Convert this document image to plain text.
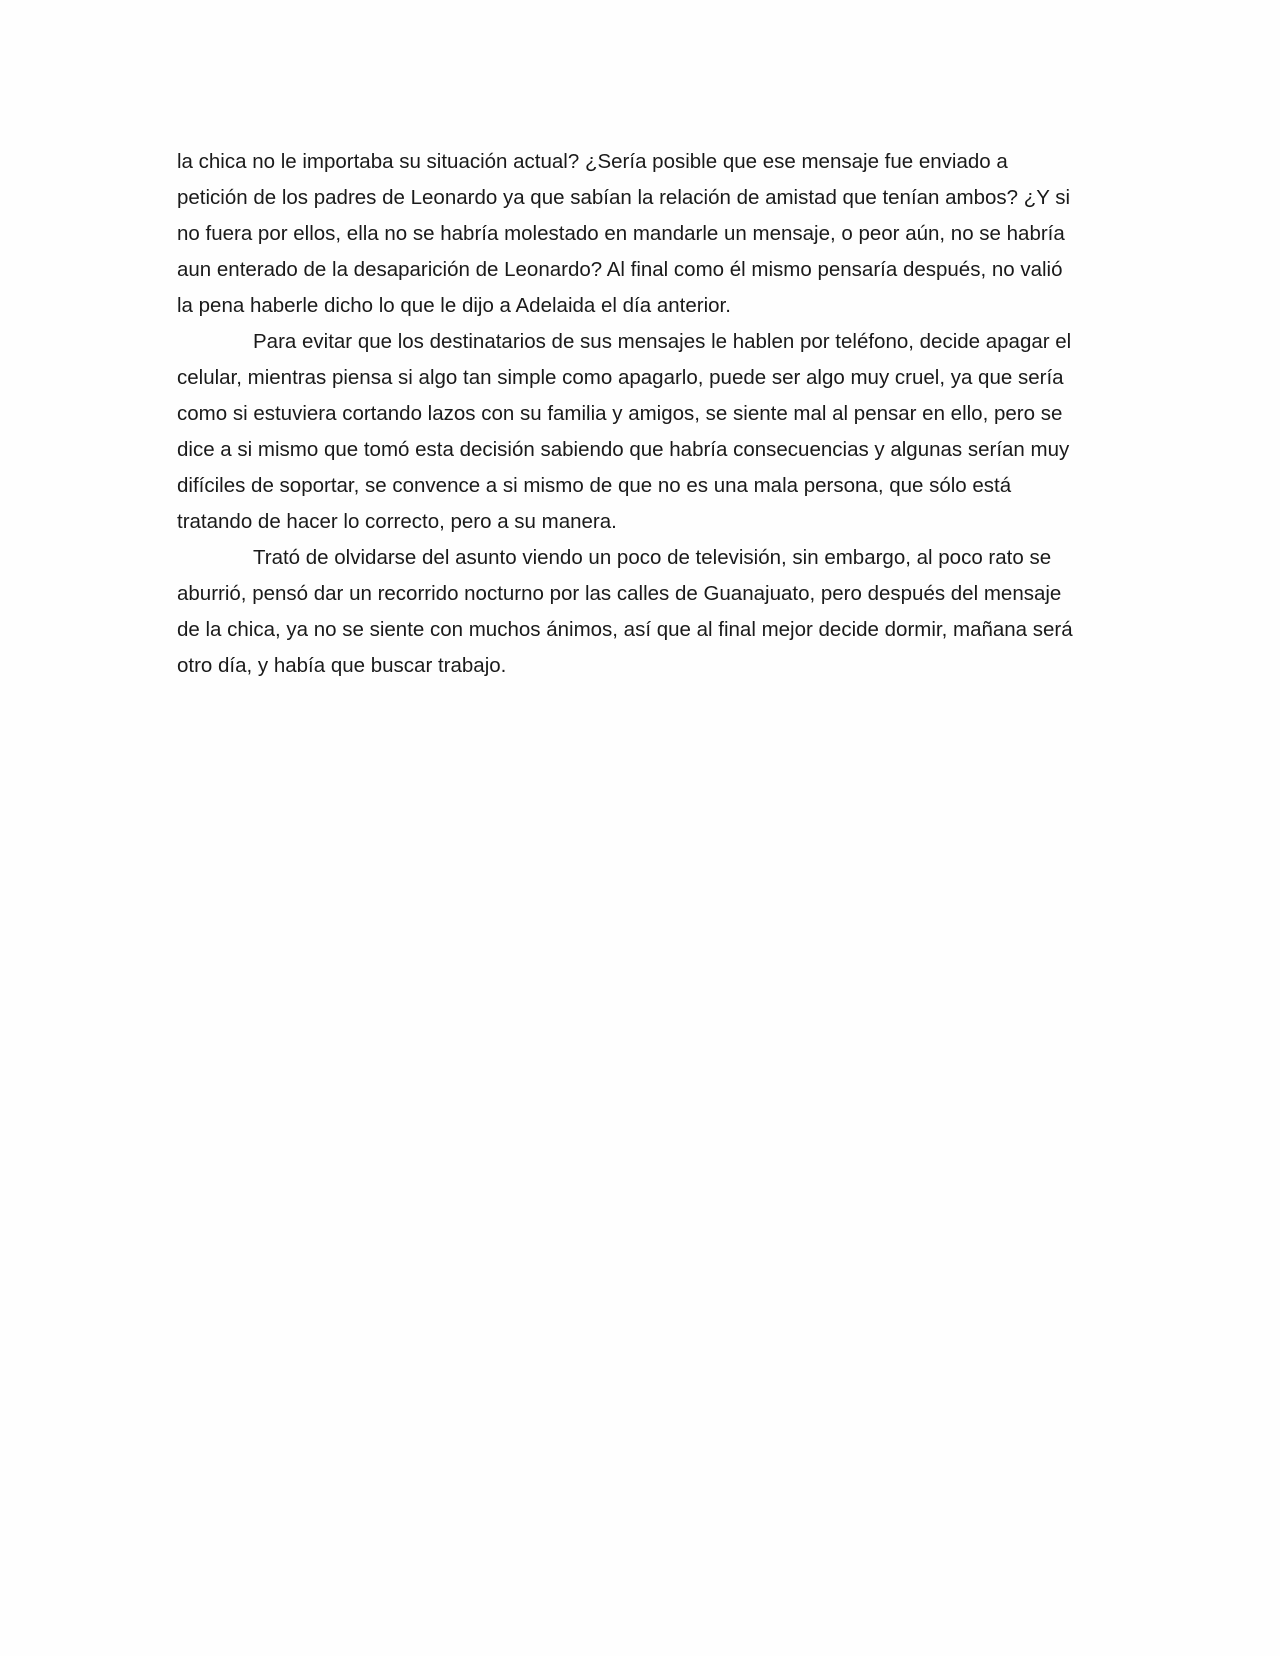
la chica no le importaba su situación actual? ¿Sería posible que ese mensaje fue enviado a
petición de los padres de Leonardo ya que sabían la relación de amistad que tenían ambos? ¿Y si
no fuera por ellos, ella no se habría molestado en mandarle un mensaje, o peor aún, no se habría
aun enterado de la desaparición de Leonardo? Al final como él mismo pensaría después, no valió
la pena haberle dicho lo que le dijo a Adelaida el día anterior.
Para evitar que los destinatarios de sus mensajes le hablen por teléfono, decide apagar el
celular, mientras piensa si algo tan simple como apagarlo, puede ser algo muy cruel, ya que sería
como si estuviera cortando lazos con su familia y amigos, se siente mal al pensar en ello, pero se
dice a si mismo que tomó esta decisión sabiendo que habría consecuencias y algunas serían muy
difíciles de soportar, se convence a si mismo de que no es una mala persona, que sólo está
tratando de hacer lo correcto, pero a su manera.
Trató de olvidarse del asunto viendo un poco de televisión, sin embargo, al poco rato se
aburrió, pensó dar un recorrido nocturno por las calles de Guanajuato, pero después del mensaje
de la chica, ya no se siente con muchos ánimos, así que al final mejor decide dormir, mañana será
otro día, y había que buscar trabajo.
